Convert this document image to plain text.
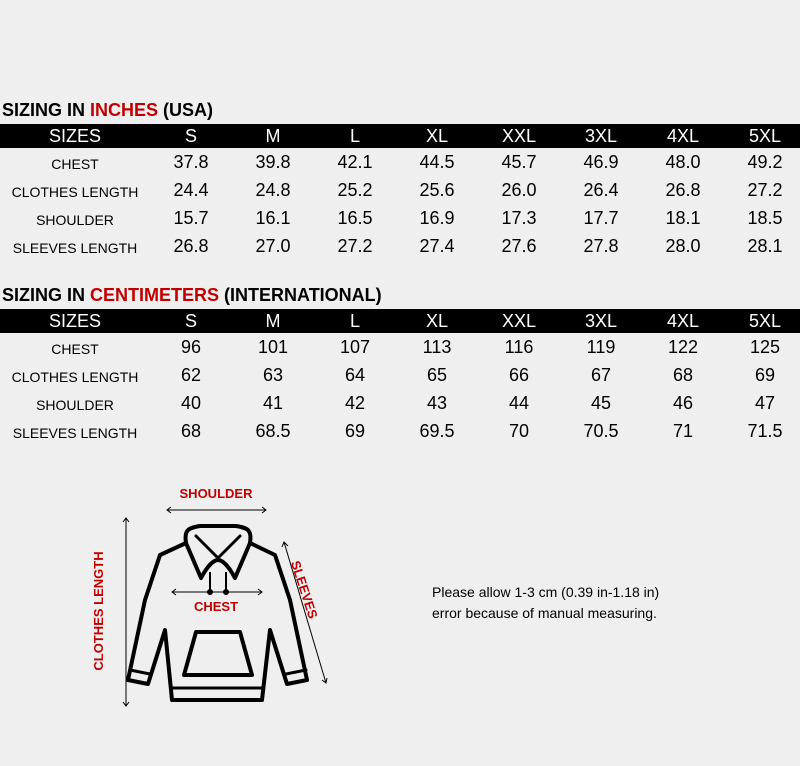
SIZING IN INCHES (USA)
SIZES	S	M	L	XL	XXL	3XL	4XL	5XL
CHEST	37.8	39.8	42.1	44.5	45.7	46.9	48.0	49.2
CLOTHES LENGTH	24.4	24.8	25.2	25.6	26.0	26.4	26.8	27.2
SHOULDER	15.7	16.1	16.5	16.9	17.3	17.7	18.1	18.5
SLEEVES LENGTH	26.8	27.0	27.2	27.4	27.6	27.8	28.0	28.1
SIZING IN CENTIMETERS (INTERNATIONAL)
SIZES	S	M	L	XL	XXL	3XL	4XL	5XL
CHEST	96	101	107	113	116	119	122	125
CLOTHES LENGTH	62	63	64	65	66	67	68	69
SHOULDER	40	41	42	43	44	45	46	47
SLEEVES LENGTH	68	68.5	69	69.5	70	70.5	71	71.5
SHOULDER
CHEST	SLEEVES
CLOTHES LENGTH	Please allow 1-3 cm (0.39 in-1.18 in)
error because of manual measuring.
